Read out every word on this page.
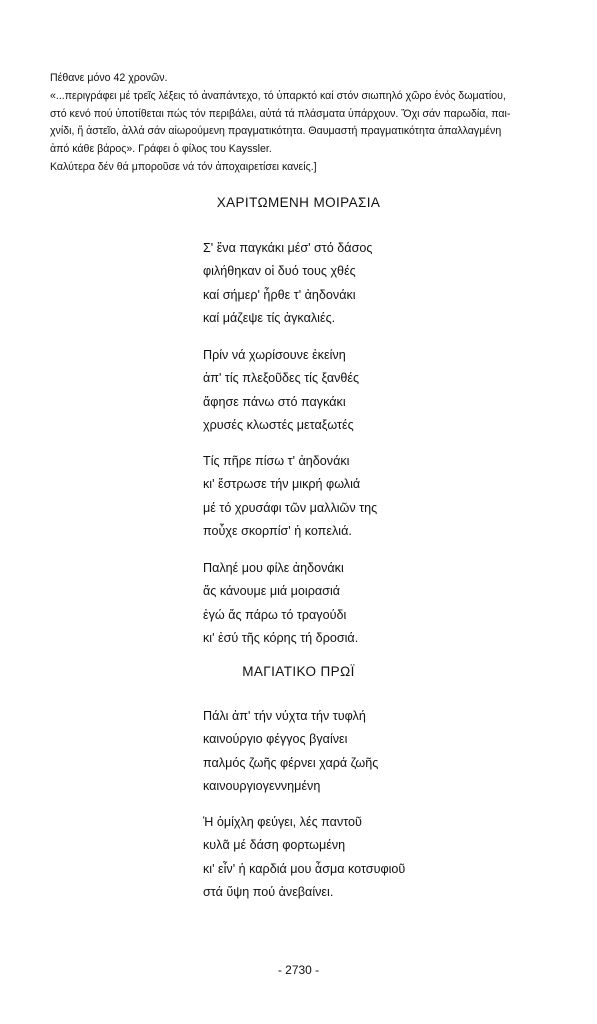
Πέθανε μόνο 42 χρονῶν.
«...περιγράφει μέ τρεῖς λέξεις τό ἀναπάντεχο, τό ὑπαρκτό καί στόν σιωπηλό χῶρο ἑνός δωματίου,
στό κενό πού ὑποτίθεται πώς τόν περιβάλει, αὐτά τά πλάσματα ὑπάρχουν. Ὄχι σάν παρωδία, παι-
χνίδι, ἤ ἀστεῖο, ἀλλά σάν αἰωρούμενη πραγματικότητα. Θαυμαστή πραγματικότητα ἀπαλλαγμένη
ἀπό κάθε βάρος». Γράφει ὁ φίλος του Kayssler.
Καλύτερα δέν θά μποροῦσε νά τόν ἀποχαιρετίσει κανείς.]
ΧΑΡΙΤΩΜΕΝΗ ΜΟΙΡΑΣΙΑ
Σ' ἕνα παγκάκι μέσ' στό δάσος
φιλήθηκαν οἱ δυό τους χθές
καί σήμερ' ἦρθε τ' ἀηδονάκι
καί μάζεψε τίς ἀγκαλιές.
Πρίν νά χωρίσουνε ἐκείνη
ἀπ' τίς πλεξοῦδες τίς ξανθές
ἄφησε πάνω στό παγκάκι
χρυσές κλωστές μεταξωτές
Τίς πῆρε πίσω τ' ἀηδονάκι
κι' ἔστρωσε τήν μικρή φωλιά
μέ τό χρυσάφι τῶν μαλλιῶν της
ποὖχε σκορπίσ' ἡ κοπελιά.
Παληέ μου φίλε ἀηδονάκι
ἄς κάνουμε μιά μοιρασιά
ἐγώ ἄς πάρω τό τραγούδι
κι' ἐσύ τῆς κόρης τή δροσιά.
ΜΑΓΙΑΤΙΚΟ ΠΡΩΪ
Πάλι ἀπ' τήν νύχτα τήν τυφλή
καινούργιο φέγγος βγαίνει
παλμός ζωῆς φέρνει χαρά ζωῆς
καινουργιογεννημένη
Ἡ ὁμίχλη φεύγει, λές παντοῦ
κυλᾶ μέ δάση φορτωμένη
κι' εἶν' ἡ καρδιά μου ἆσμα κοτσυφιοῦ
στά ὕψη πού ἀνεβαίνει.
- 2730 -
